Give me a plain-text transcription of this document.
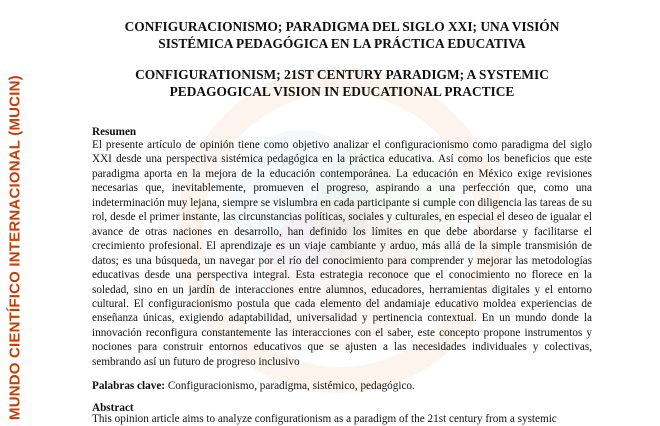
MUNDO CIENTÍFICO INTERNACIONAL (MUCIN)

CONFIGURACIONISMO; PARADIGMA DEL SIGLO XXI; UNA VISIÓN
SISTÉMICA PEDAGÓGICA EN LA PRÁCTICA EDUCATIVA

CONFIGURATIONISM; 21ST CENTURY PARADIGM; A SYSTEMIC
PEDAGOGICAL VISION IN EDUCATIONAL PRACTICE

Resumen

El presente artículo de opinión tiene como objetivo analizar el configuracionismo como paradigma del siglo XXI desde una perspectiva sistémica pedagógica en la práctica educativa. Así como los beneficios que este paradigma aporta en la mejora de la educación contemporánea. La educación en México exige revisiones necesarias que, inevitablemente, promueven el progreso, aspirando a una perfección que, como una indeterminación muy lejana, siempre se vislumbra en cada participante si cumple con diligencia las tareas de su rol, desde el primer instante, las circunstancias políticas, sociales y culturales, en especial el deseo de igualar el avance de otras naciones en desarrollo, han definido los límites en que debe abordarse y facilitarse el crecimiento profesional. El aprendizaje es un viaje cambiante y arduo, más allá de la simple transmisión de datos; es una búsqueda, un navegar por el río del conocimiento para comprender y mejorar las metodologías educativas desde una perspectiva integral. Esta estrategia reconoce que el conocimiento no florece en la soledad, sino en un jardín de interacciones entre alumnos, educadores, herramientas digitales y el entorno cultural. El configuracionismo postula que cada elemento del andamiaje educativo moldea experiencias de enseñanza únicas, exigiendo adaptabilidad, universalidad y pertinencia contextual. En un mundo donde la innovación reconfigura constantemente las interacciones con el saber, este concepto propone instrumentos y nociones para construir entornos educativos que se ajusten a las necesidades individuales y colectivas, sembrando así un futuro de progreso inclusivo

Palabras clave: Configuracionismo, paradigma, sistémico, pedagógico.

Abstract

This opinion article aims to analyze configurationism as a paradigm of the 21st century from a systemic
